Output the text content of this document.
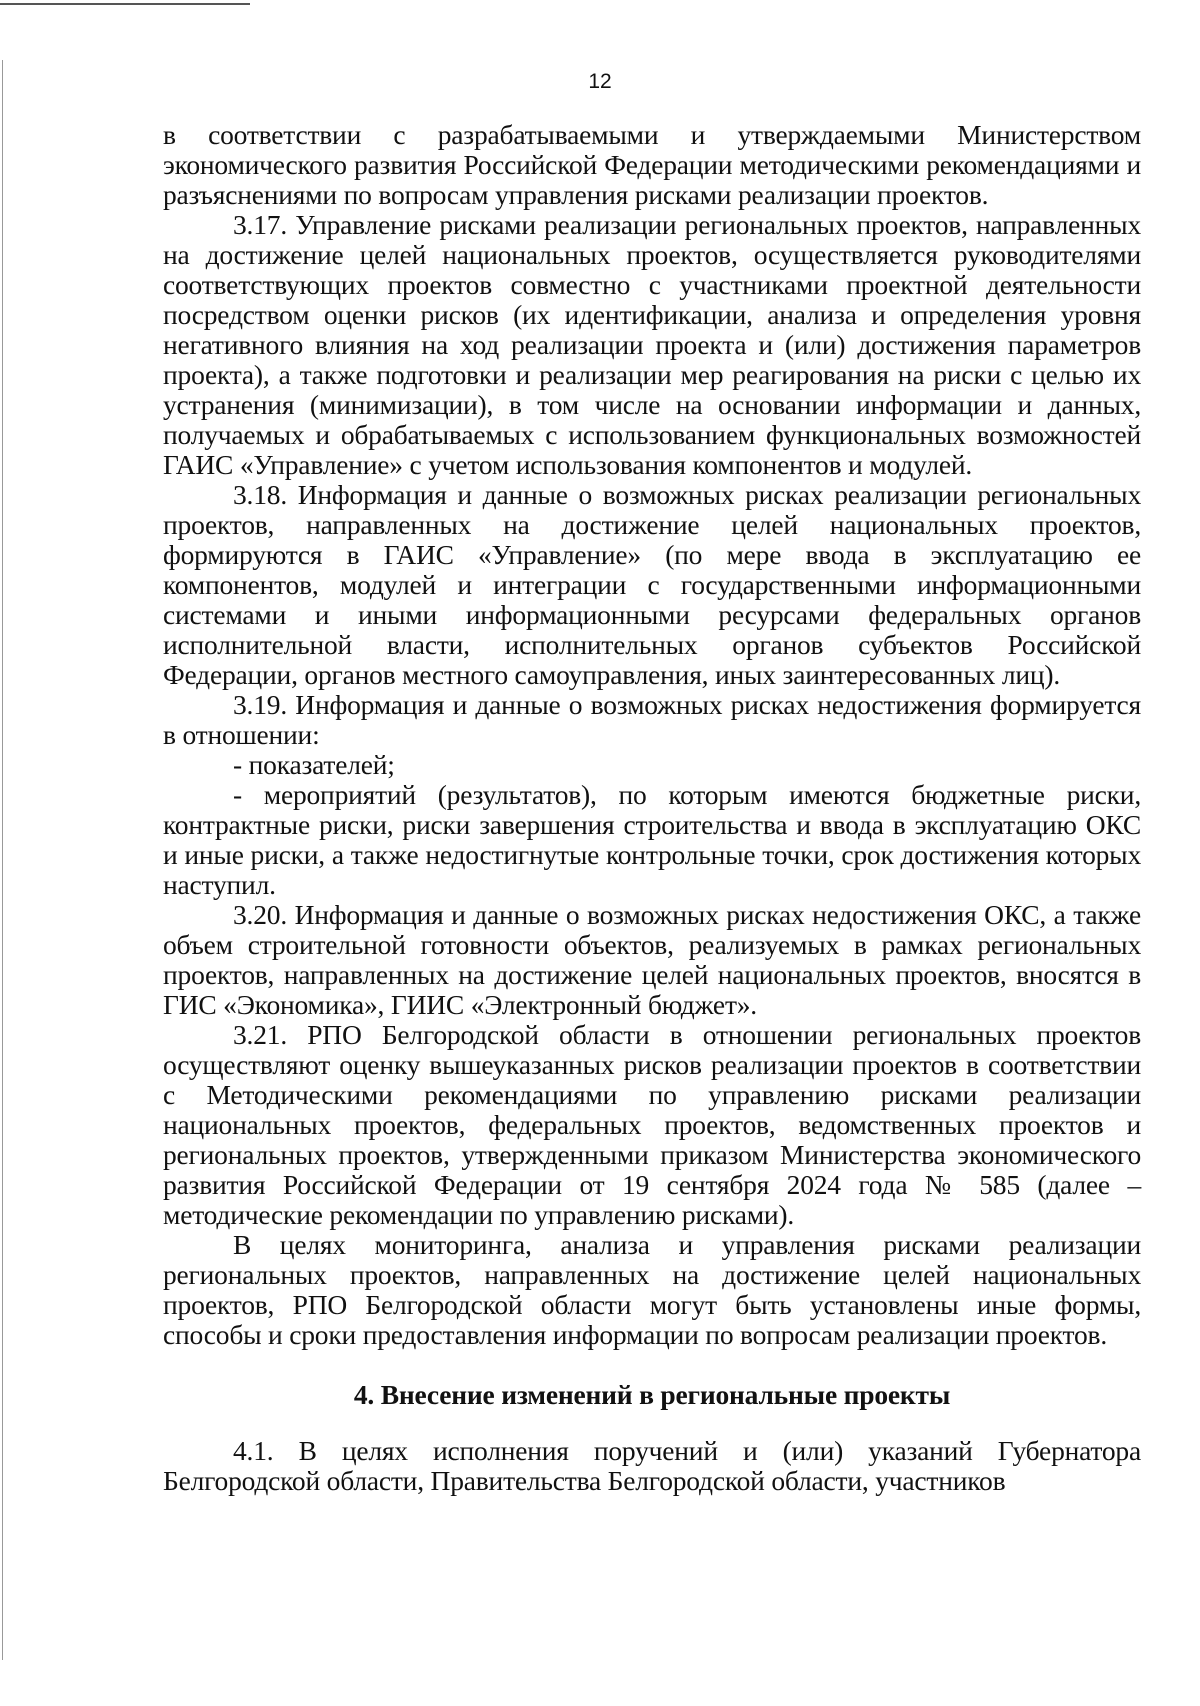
12

в соответствии с разрабатываемыми и утверждаемыми Министерством экономического развития Российской Федерации методическими рекомендациями и разъяснениями по вопросам управления рисками реализации проектов.

3.17. Управление рисками реализации региональных проектов, направленных на достижение целей национальных проектов, осуществляется руководителями соответствующих проектов совместно с участниками проектной деятельности посредством оценки рисков (их идентификации, анализа и определения уровня негативного влияния на ход реализации проекта и (или) достижения параметров проекта), а также подготовки и реализации мер реагирования на риски с целью их устранения (минимизации), в том числе на основании информации и данных, получаемых и обрабатываемых с использованием функциональных возможностей ГАИС «Управление» с учетом использования компонентов и модулей.

3.18. Информация и данные о возможных рисках реализации региональных проектов, направленных на достижение целей национальных проектов, формируются в ГАИС «Управление» (по мере ввода в эксплуатацию ее компонентов, модулей и интеграции с государственными информационными системами и иными информационными ресурсами федеральных органов исполнительной власти, исполнительных органов субъектов Российской Федерации, органов местного самоуправления, иных заинтересованных лиц).

3.19. Информация и данные о возможных рисках недостижения формируется в отношении:

- показателей;

- мероприятий (результатов), по которым имеются бюджетные риски, контрактные риски, риски завершения строительства и ввода в эксплуатацию ОКС и иные риски, а также недостигнутые контрольные точки, срок достижения которых наступил.

3.20. Информация и данные о возможных рисках недостижения ОКС, а также объем строительной готовности объектов, реализуемых в рамках региональных проектов, направленных на достижение целей национальных проектов, вносятся в ГИС «Экономика», ГИИС «Электронный бюджет».

3.21. РПО Белгородской области в отношении региональных проектов осуществляют оценку вышеуказанных рисков реализации проектов в соответствии с Методическими рекомендациями по управлению рисками реализации национальных проектов, федеральных проектов, ведомственных проектов и региональных проектов, утвержденными приказом Министерства экономического развития Российской Федерации от 19 сентября 2024 года № 585 (далее – методические рекомендации по управлению рисками).

В целях мониторинга, анализа и управления рисками реализации региональных проектов, направленных на достижение целей национальных проектов, РПО Белгородской области могут быть установлены иные формы, способы и сроки предоставления информации по вопросам реализации проектов.

4. Внесение изменений в региональные проекты

4.1. В целях исполнения поручений и (или) указаний Губернатора Белгородской области, Правительства Белгородской области, участников
